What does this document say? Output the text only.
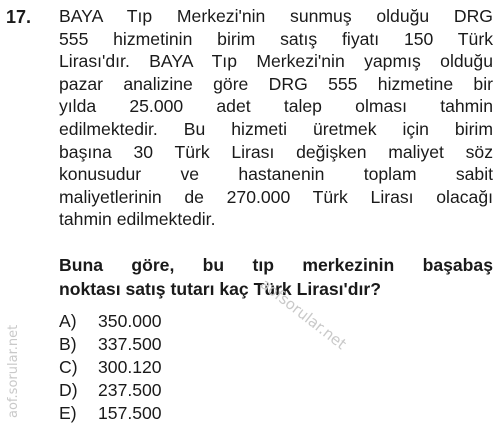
17. BAYA Tıp Merkezi'nin sunmuş olduğu DRG
555 hizmetinin birim satış fiyatı 150 Türk
Lirası'dır. BAYA Tıp Merkezi'nin yapmış olduğu
pazar analizine göre DRG 555 hizmetine bir
yılda 25.000 adet talep olması tahmin
edilmektedir. Bu hizmeti üretmek için birim
başına 30 Türk Lirası değişken maliyet söz
konusudur ve hastanenin toplam sabit
maliyetlerinin de 270.000 Türk Lirası olacağı
tahmin edilmektedir.
Buna göre, bu tıp merkezinin başabaş
noktası satış tutarı kaç Türk Lirası'dır?
A)	350.000
B)	337.500
C)	300.120
D)	237.500
E)	157.500
aofsorular.net
aof.sorular.net
